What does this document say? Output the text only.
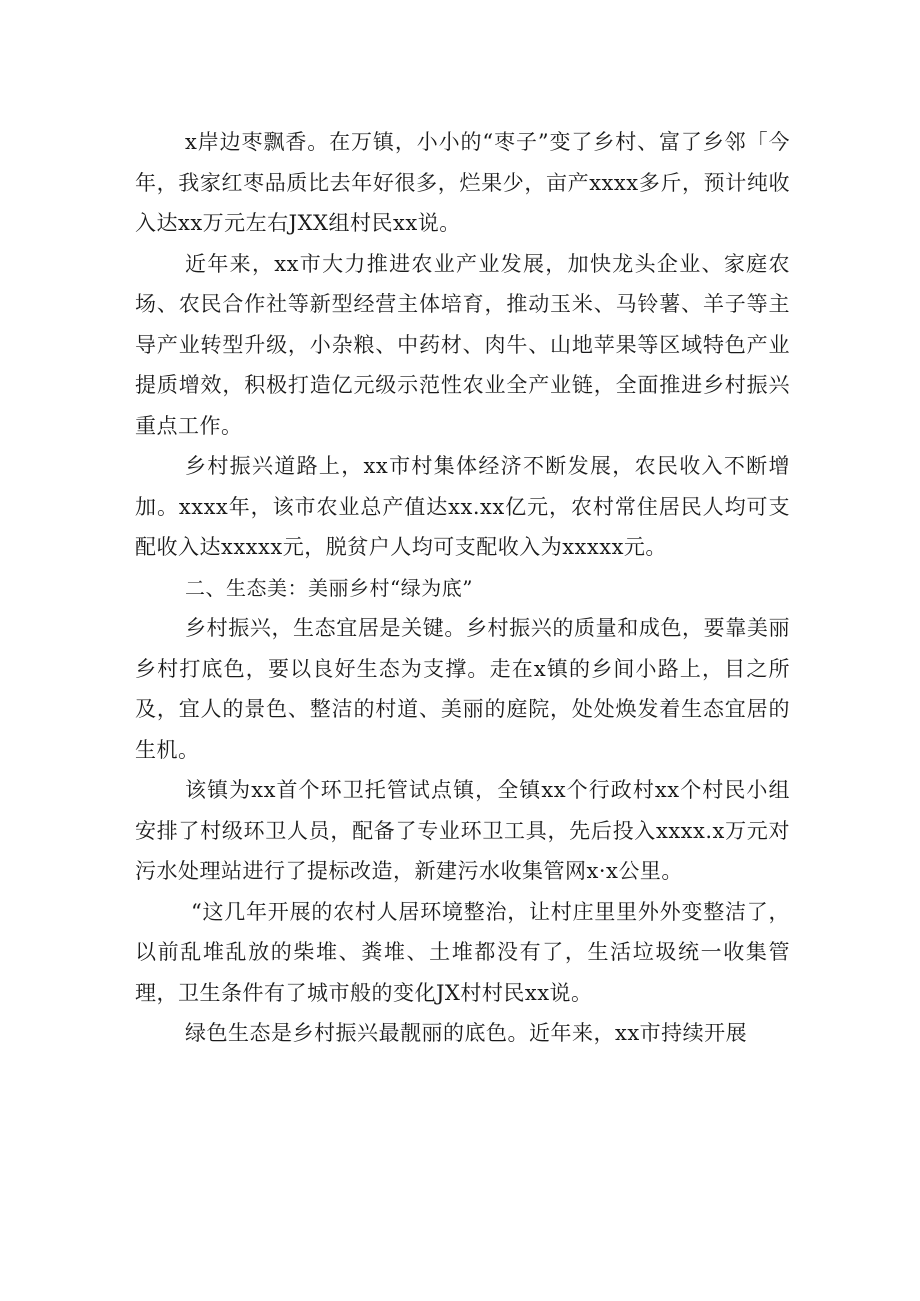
x岸边枣飘香。在万镇，小小的“枣子”变了乡村、富了乡邻「今年，我家红枣品质比去年好很多，烂果少，亩产xxxx多斤，预计纯收入达xx万元左右JXX组村民xx说。

近年来，xx市大力推进农业产业发展，加快龙头企业、家庭农场、农民合作社等新型经营主体培育，推动玉米、马铃薯、羊子等主导产业转型升级，小杂粮、中药材、肉牛、山地苹果等区域特色产业提质增效，积极打造亿元级示范性农业全产业链，全面推进乡村振兴重点工作。

乡村振兴道路上，xx市村集体经济不断发展，农民收入不断增加。xxxx年，该市农业总产值达xx.xx亿元，农村常住居民人均可支配收入达xxxxx元，脱贫户人均可支配收入为xxxxx元。

二、生态美：美丽乡村“绿为底”

乡村振兴，生态宜居是关键。乡村振兴的质量和成色，要靠美丽乡村打底色，要以良好生态为支撑。走在x镇的乡间小路上，目之所及，宜人的景色、整洁的村道、美丽的庭院，处处焕发着生态宜居的生机。

该镇为xx首个环卫托管试点镇，全镇xx个行政村xx个村民小组安排了村级环卫人员，配备了专业环卫工具，先后投入xxxx.x万元对污水处理站进行了提标改造，新建污水收集管网x·x公里。

“这几年开展的农村人居环境整治，让村庄里里外外变整洁了，以前乱堆乱放的柴堆、粪堆、土堆都没有了，生活垃圾统一收集管理，卫生条件有了城市般的变化JX村村民xx说。

绿色生态是乡村振兴最靓丽的底色。近年来，xx市持续开展
